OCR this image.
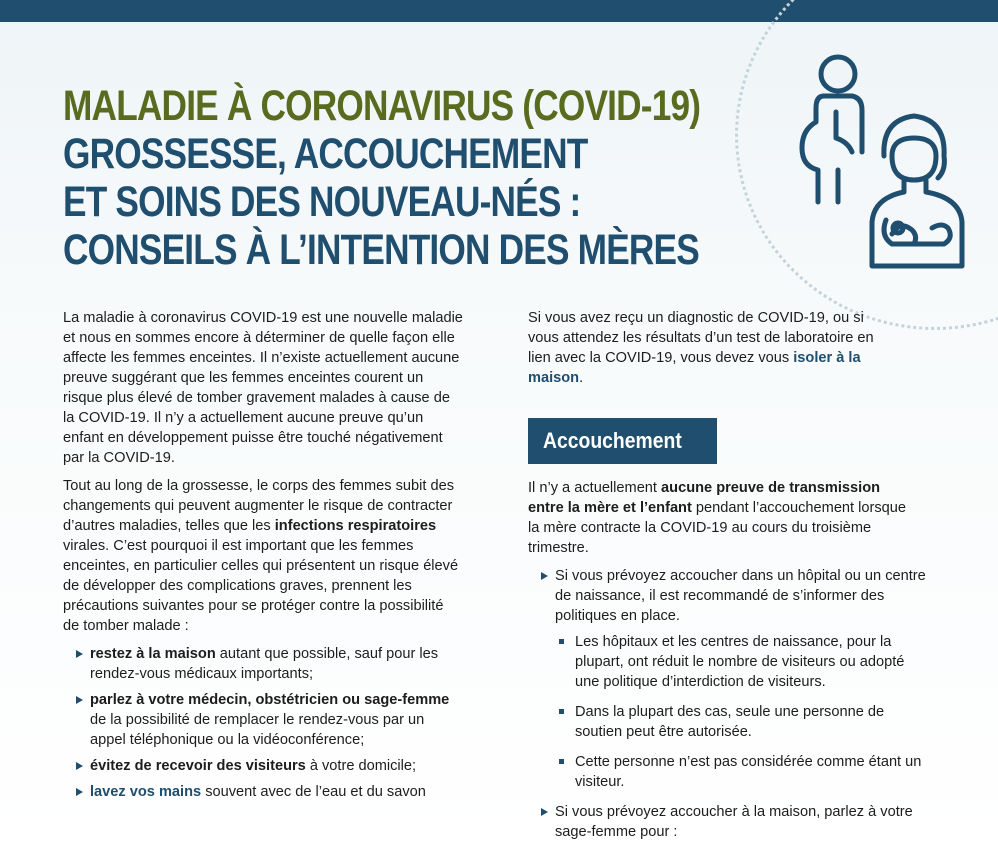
MALADIE À CORONAVIRUS (COVID-19)
GROSSESSE, ACCOUCHEMENT
ET SOINS DES NOUVEAU-NÉS :
CONSEILS À L’INTENTION DES MÈRES

La maladie à coronavirus COVID-19 est une nouvelle maladie et nous en sommes encore à déterminer de quelle façon elle affecte les femmes enceintes. Il n’existe actuellement aucune preuve suggérant que les femmes enceintes courent un risque plus élevé de tomber gravement malades à cause de la COVID-19. Il n’y a actuellement aucune preuve qu’un enfant en développement puisse être touché négativement par la COVID-19.

Tout au long de la grossesse, le corps des femmes subit des changements qui peuvent augmenter le risque de contracter d’autres maladies, telles que les infections respiratoires virales. C’est pourquoi il est important que les femmes enceintes, en particulier celles qui présentent un risque élevé de développer des complications graves, prennent les précautions suivantes pour se protéger contre la possibilité de tomber malade :

restez à la maison autant que possible, sauf pour les rendez-vous médicaux importants;
parlez à votre médecin, obstétricien ou sage-femme de la possibilité de remplacer le rendez-vous par un appel téléphonique ou la vidéoconférence;
évitez de recevoir des visiteurs à votre domicile;
lavez vos mains souvent avec de l’eau et du savon

Si vous avez reçu un diagnostic de COVID-19, ou si vous attendez les résultats d’un test de laboratoire en lien avec la COVID-19, vous devez vous isoler à la maison.

Accouchement

Il n’y a actuellement aucune preuve de transmission entre la mère et l’enfant pendant l’accouchement lorsque la mère contracte la COVID-19 au cours du troisième trimestre.

Si vous prévoyez accoucher dans un hôpital ou un centre de naissance, il est recommandé de s’informer des politiques en place.
Les hôpitaux et les centres de naissance, pour la plupart, ont réduit le nombre de visiteurs ou adopté une politique d’interdiction de visiteurs.
Dans la plupart des cas, seule une personne de soutien peut être autorisée.
Cette personne n’est pas considérée comme étant un visiteur.
Si vous prévoyez accoucher à la maison, parlez à votre sage-femme pour :
